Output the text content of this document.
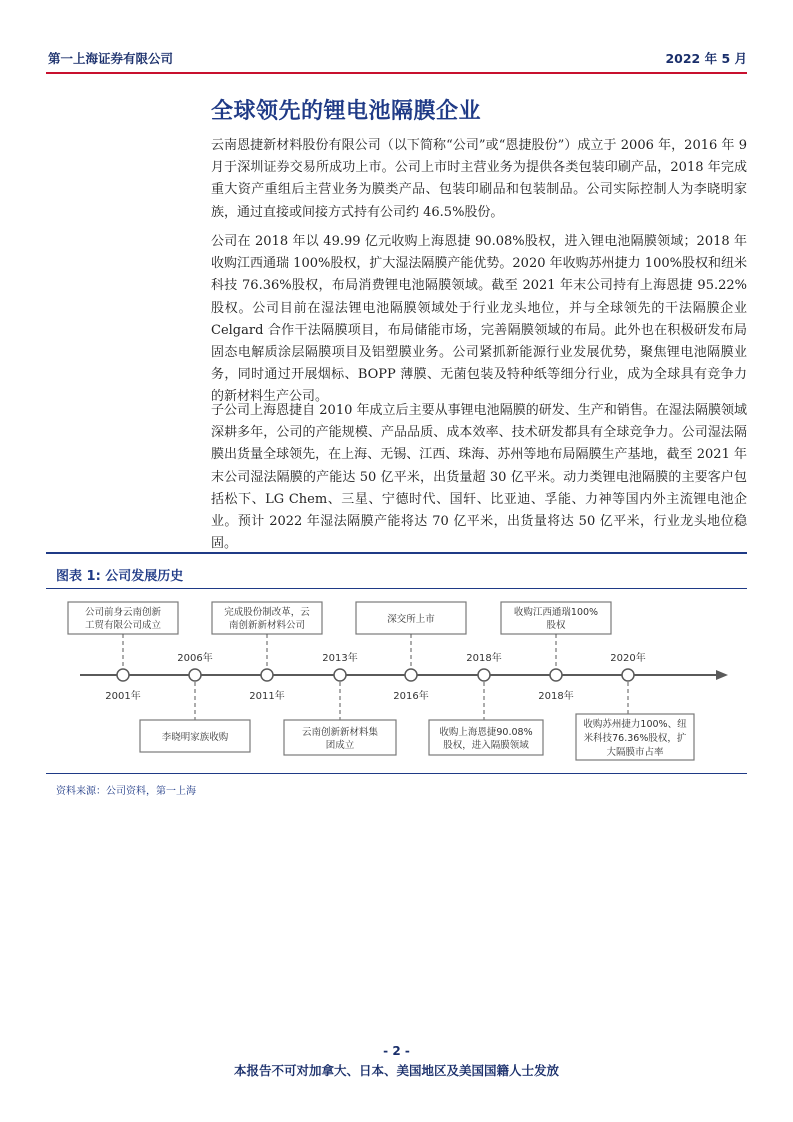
第一上海证券有限公司	2022 年 5 月
全球领先的锂电池隔膜企业

云南恩捷新材料股份有限公司（以下简称“公司”或“恩捷股份”）成立于 2006 年，2016 年 9 月于深圳证券交易所成功上市。公司上市时主营业务为提供各类包装印刷产品，2018 年完成重大资产重组后主营业务为膜类产品、包装印刷品和包装制品。公司实际控制人为李晓明家族，通过直接或间接方式持有公司约 46.5%股份。

公司在 2018 年以 49.99 亿元收购上海恩捷 90.08%股权，进入锂电池隔膜领域；2018 年收购江西通瑞 100%股权，扩大湿法隔膜产能优势。2020 年收购苏州捷力 100%股权和纽米科技 76.36%股权，布局消费锂电池隔膜领域。截至 2021 年末公司持有上海恩捷 95.22%股权。公司目前在湿法锂电池隔膜领域处于行业龙头地位，并与全球领先的干法隔膜企业 Celgard 合作干法隔膜项目，布局储能市场，完善隔膜领域的布局。此外也在积极研发布局固态电解质涂层隔膜项目及铝塑膜业务。公司紧抓新能源行业发展优势，聚焦锂电池隔膜业务，同时通过开展烟标、BOPP 薄膜、无菌包装及特种纸等细分行业，成为全球具有竞争力的新材料生产公司。

子公司上海恩捷自 2010 年成立后主要从事锂电池隔膜的研发、生产和销售。在湿法隔膜领域深耕多年，公司的产能规模、产品品质、成本效率、技术研发都具有全球竞争力。公司湿法隔膜出货量全球领先，在上海、无锡、江西、珠海、苏州等地布局隔膜生产基地，截至 2021 年末公司湿法隔膜的产能达 50 亿平米，出货量超 30 亿平米。动力类锂电池隔膜的主要客户包括松下、LG Chem、三星、宁德时代、国轩、比亚迪、孚能、力神等国内外主流锂电池企业。预计 2022 年湿法隔膜产能将达 70 亿平米，出货量将达 50 亿平米，行业龙头地位稳固。

图表 1: 公司发展历史
公司前身云南创新
工贸有限公司成立
2001年
2006年
李晓明家族收购
完成股份制改革，云
南创新新材料公司
2011年
2013年
云南创新新材料集
团成立
深交所上市
2016年
2018年
收购上海恩捷90.08%
股权，进入隔膜领域
收购江西通瑞100%
股权
2018年
2020年
收购苏州捷力100%、纽
米科技76.36%股权，扩
大隔膜市占率
资料来源：公司资料，第一上海
- 2 -
本报告不可对加拿大、日本、美国地区及美国国籍人士发放
